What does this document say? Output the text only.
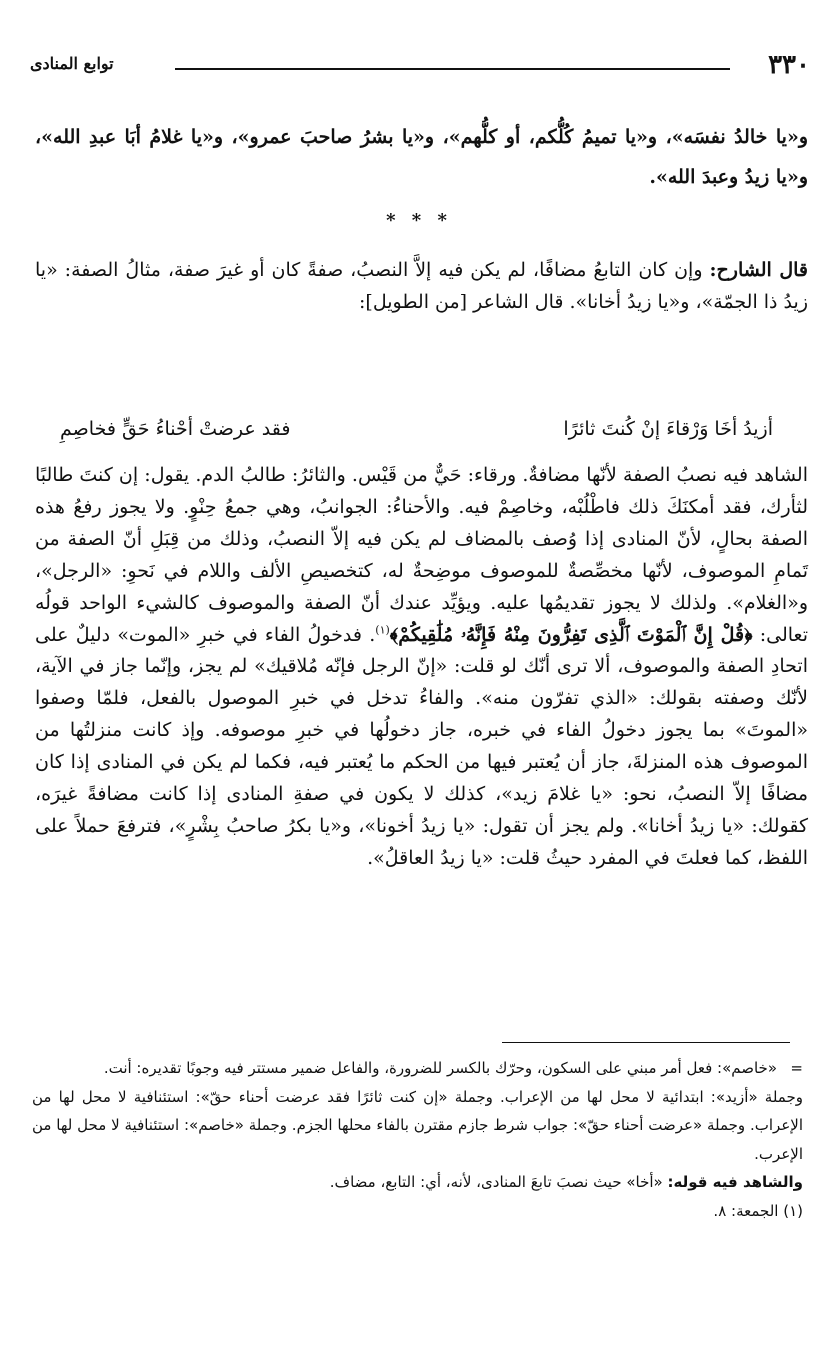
٣٣٠
توابع المنادى
و«يا خالدُ نفسَه»، و«يا تميمُ كُلُّكم، أو كلُّهم»، و«يا بشرُ صاحبَ عمرو»، و«يا غلامُ أبَا عبدِ الله»، و«يا زيدُ وعبدَ الله».
* * *
قال الشارح: وإن كان التابعُ مضافًا، لم يكن فيه إلاَّ النصبُ، صفةً كان أو غيرَ صفة، مثالُ الصفة: «يا زيدُ ذا الجمّة»، و«يا زيدُ أخانا». قال الشاعر [من الطويل]:
أزيدُ أخَا وَرْقاءَ إنْ كُنتَ ثائرًا
فقد عرضتْ أحْناءُ حَقٍّ فخاصِمِ
الشاهد فيه نصبُ الصفة لأنّها مضافةٌ. ورقاء: حَيٌّ من قَيْس. والثائرُ: طالبُ الدم. يقول: إن كنتَ طالبًا لثأرك، فقد أمكنَكَ ذلك فاطْلُبْه، وخاصِمْ فيه. والأحناءُ: الجوانبُ، وهي جمعُ حِنْوٍ. ولا يجوز رفعُ هذه الصفة بحالٍ، لأنّ المنادى إذا وُصف بالمضاف لم يكن فيه إلاّ النصبُ، وذلك من قِبَلِ أنّ الصفة من تَمامِ الموصوف، لأنّها مخصِّصةٌ للموصوف موضِحةٌ له، كتخصيصِ الألف واللام في نَحوِ: «الرجل»، و«الغلام». ولذلك لا يجوز تقديمُها عليه. ويؤيِّد عندك أنّ الصفة والموصوف كالشيء الواحد قولُه تعالى: ﴿قُلْ إِنَّ ٱلْمَوْتَ ٱلَّذِى تَفِرُّونَ مِنْهُ فَإِنَّهُۥ مُلَٰقِيكُمْ﴾$^{(١)}$. فدخولُ الفاء في خبرِ «الموت» دليلٌ على اتحادِ الصفة والموصوف، ألا ترى أنّك لو قلت: «إنّ الرجل فإنّه مُلاقيك» لم يجز، وإنّما جاز في الآية، لأنّك وصفته بقولك: «الذي تفرّون منه». والفاءُ تدخل في خبرِ الموصول بالفعل، فلمّا وصفوا «الموتَ» بما يجوز دخولُ الفاء في خبره، جاز دخولُها في خبرِ موصوفه. وإذ كانت منزلتُها من الموصوف هذه المنزلةَ، جاز أن يُعتبر فيها من الحكم ما يُعتبر فيه، فكما لم يكن في المنادى إذا كان مضافًا إلاّ النصبُ، نحو: «يا غلامَ زيد»، كذلك لا يكون في صفةِ المنادى إذا كانت مضافةً غيرَه، كقولك: «يا زيدُ أخانا». ولم يجز أن تقول: «يا زيدُ أخونا»، و«يا بكرُ صاحبُ بِشْرٍ»، فترفعَ حملاً على اللفظ، كما فعلتَ في المفرد حيثُ قلت: «يا زيدُ العاقلُ».

=
«خاصم»: فعل أمر مبني على السكون، وحرّك بالكسر للضرورة، والفاعل ضمير مستتر فيه وجوبًا تقديره: أنت.

وجملة «أزيد»: ابتدائية لا محل لها من الإعراب. وجملة «إن كنت ثائرًا فقد عرضت أحناء حقّ»: استئنافية لا محل لها من الإعراب. وجملة «عرضت أحناء حقّ»: جواب شرط جازم مقترن بالفاء محلها الجزم. وجملة «خاصم»: استئنافية لا محل لها من الإعرب.

والشاهد فيه قوله: «أخا» حيث نصبَ تابعَ المنادى، لأنه، أي: التابع، مضاف.

(١) الجمعة: ٨.
